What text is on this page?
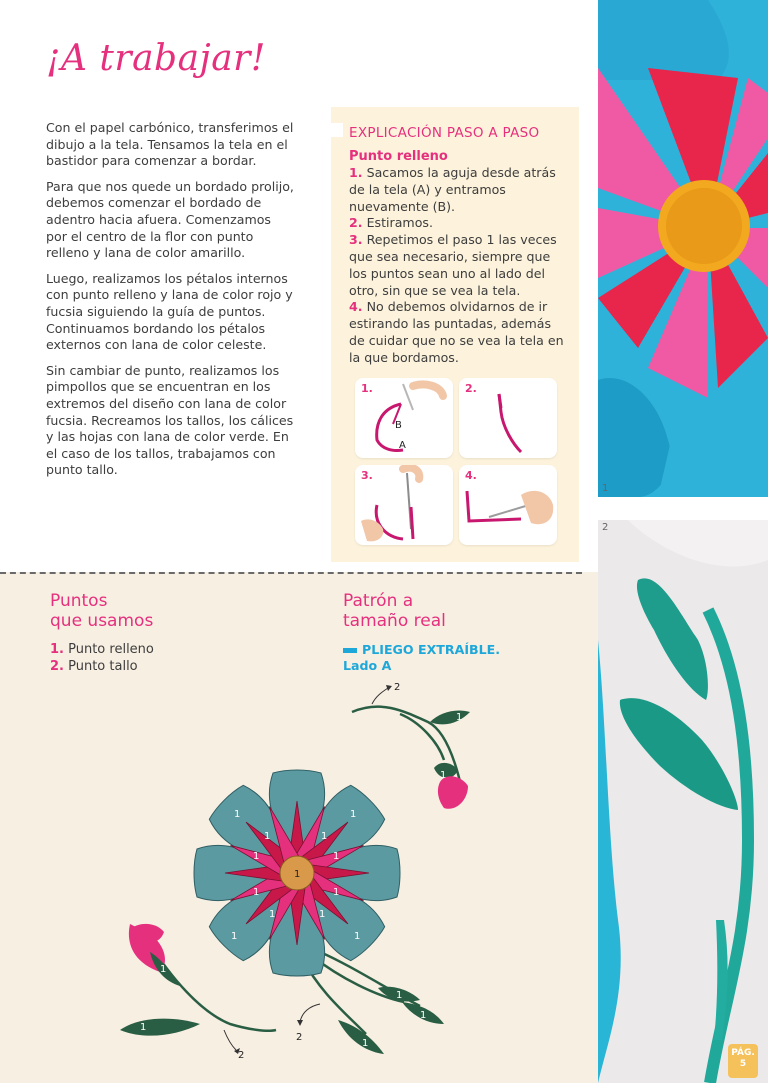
¡A trabajar!

Con el papel carbónico, transferimos el dibujo a la tela. Tensamos la tela en el bastidor para comenzar a bordar.

Para que nos quede un bordado prolijo, debemos comenzar el bordado de adentro hacia afuera. Comenzamos por el centro de la flor con punto relleno y lana de color amarillo.

Luego, realizamos los pétalos internos con punto relleno y lana de color rojo y fucsia siguiendo la guía de puntos. Continuamos bordando los pétalos externos con lana de color celeste.

Sin cambiar de punto, realizamos los pimpollos que se encuentran en los extremos del diseño con lana de color fucsia. Recreamos los tallos, los cálices y las hojas con lana de color verde. En el caso de los tallos, trabajamos con punto tallo.

EXPLICACIÓN PASO A PASO
Punto relleno
1. Sacamos la aguja desde atrás de la tela (A) y entramos nuevamente (B).
2. Estiramos.
3. Repetimos el paso 1 las veces que sea necesario, siempre que los puntos sean uno al lado del otro, sin que se vea la tela.
4. No debemos olvidarnos de ir estirando las puntadas, además de cuidar que no se vea la tela en la que bordamos.
B
A
1.	2.
3.	4.
Puntos
que usamos
1. Punto relleno
2. Punto tallo
Patrón a
tamaño real
PLIEGO EXTRAÍBLE.
Lado A
1
1
2
1
1
2
1
1
1
2
1
1	1
1	1
1	1
1	1
1	1
1	1
1
2
PÁG.
5
